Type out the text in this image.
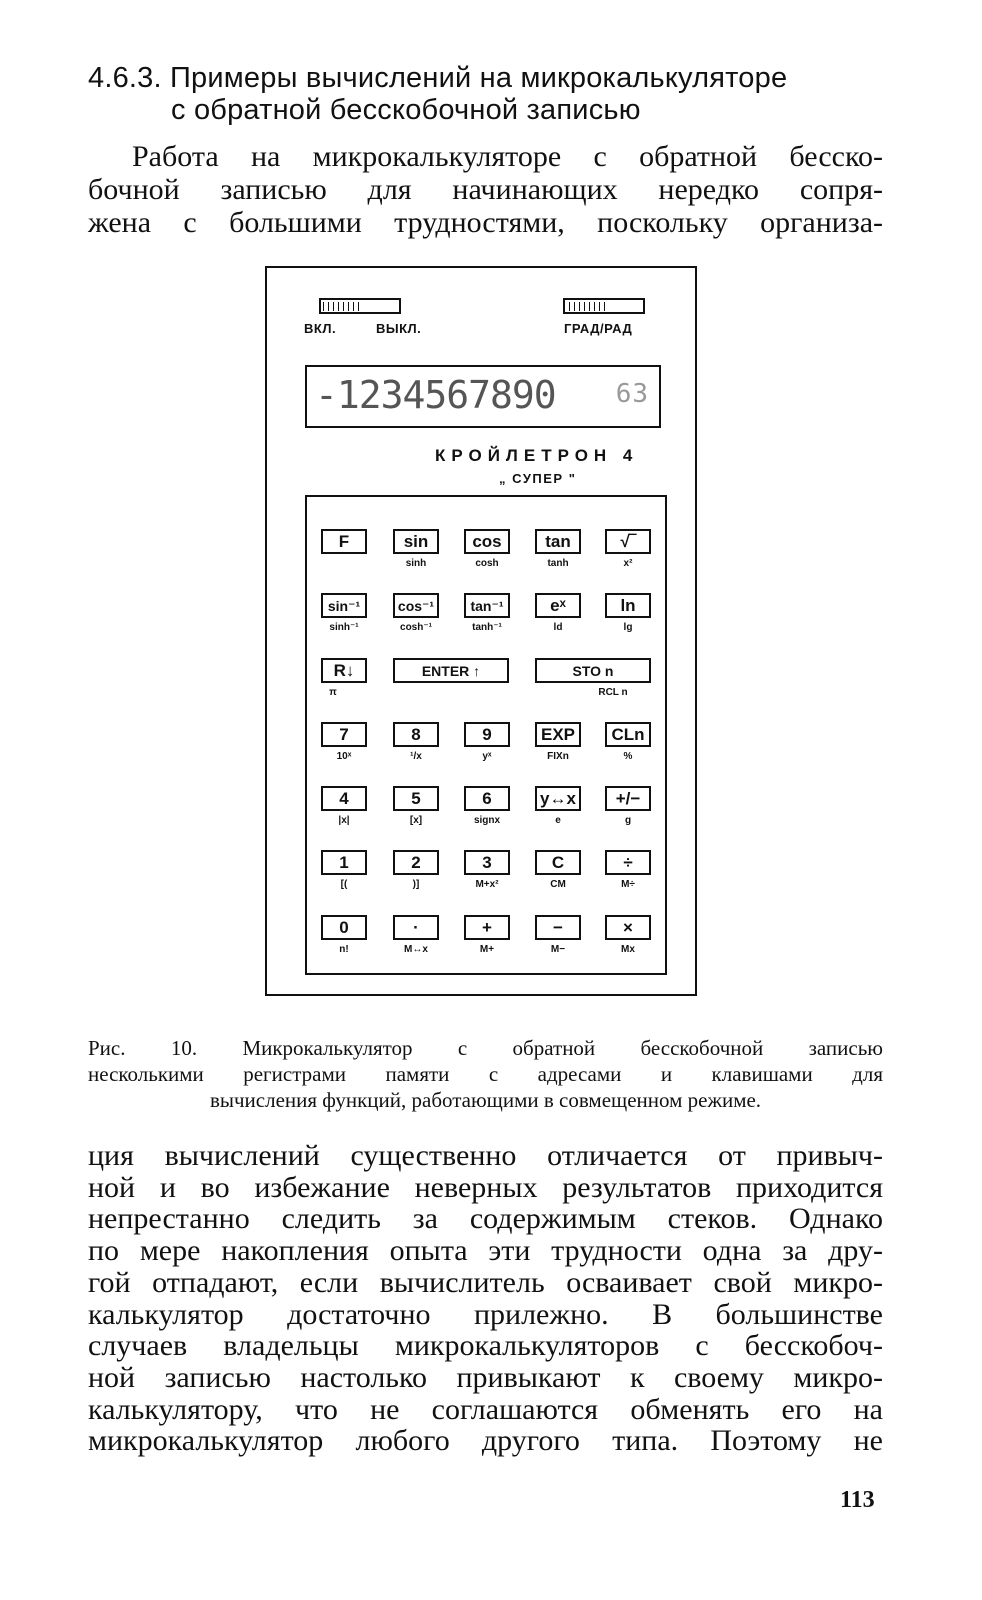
4.6.3. Примеры вычислений на микрокалькуляторе
с обратной бесскобочной записью
Работа на микрокалькуляторе с обратной бесско-
бочной записью для начинающих нередко сопря-
жена с большими трудностями, поскольку организа-
ВКЛ.	ВЫКЛ.	ГРАД/РАД
-1234567890 63
КРОЙЛЕТРОН 4
„ СУПЕР "
F	sin
sinh
cos
cosh
tan
tanh
√‾
x²
sin⁻¹
sinh⁻¹
cos⁻¹
cosh⁻¹
tan⁻¹
tanh⁻¹
eˣ
ld
ln
lg
R↓
π
ENTER ↑	STO n
RCL n
7
10ˣ
8
¹/x
9
yˣ
EXP
FIXn
CLn
%
4
|x|
5
[x]
6
signx
y↔x
e
+/−
g
1
[(
2
)]
3
M+x²
C
CM
÷
M÷
0
n!
·
M↔x
+
M+
−
M−
×
Mx
Рис. 10. Микрокалькулятор с обратной бесскобочной записью
несколькими регистрами памяти с адресами и клавишами для
вычисления функций, работающими в совмещенном режиме.
ция вычислений существенно отличается от привыч-
ной и во избежание неверных результатов приходится
непрестанно следить за содержимым стеков. Однако
по мере накопления опыта эти трудности одна за дру-
гой отпадают, если вычислитель осваивает свой микро-
калькулятор достаточно прилежно. В большинстве
случаев владельцы микрокалькуляторов с бесскобоч-
ной записью настолько привыкают к своему микро-
калькулятору, что не соглашаются обменять его на
микрокалькулятор любого другого типа. Поэтому не
113
